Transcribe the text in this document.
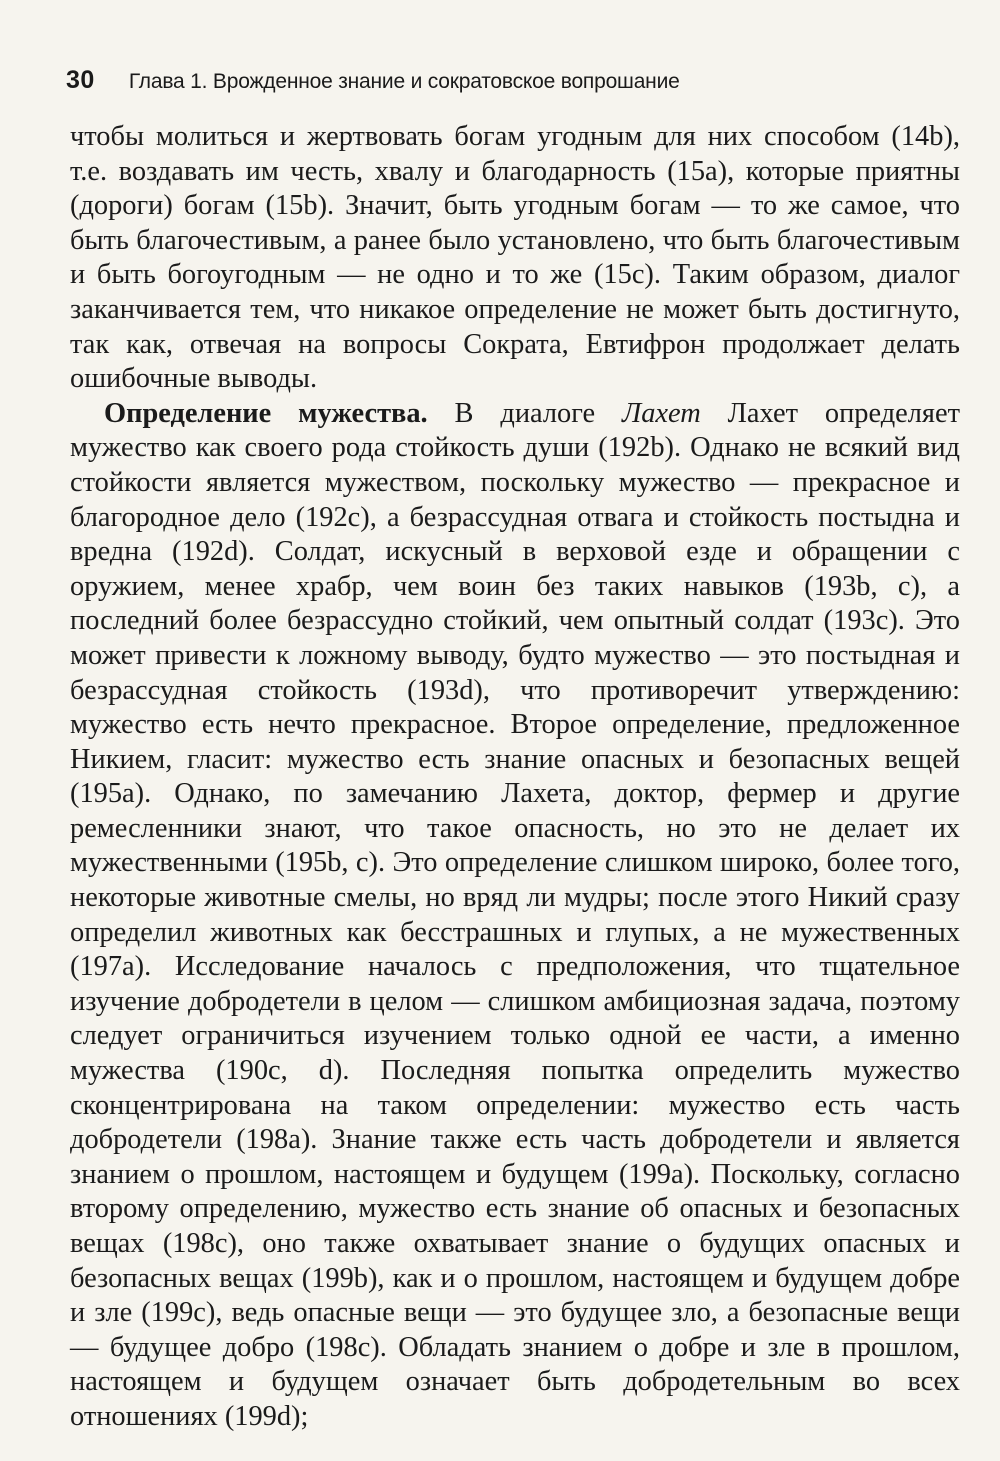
30 Глава 1. Врожденное знание и сократовское вопрошание

чтобы молиться и жертвовать богам угодным для них способом (14b), т.е. воздавать им честь, хвалу и благодарность (15a), которые приятны (дороги) богам (15b). Значит, быть угодным богам — то же самое, что быть благочестивым, а ранее было установлено, что быть благочестивым и быть богоугодным — не одно и то же (15c). Таким образом, диалог заканчивается тем, что никакое определение не может быть достигнуто, так как, отвечая на вопросы Сократа, Евтифрон продолжает делать ошибочные выводы.

Определение мужества. В диалоге Лахет Лахет определяет мужество как своего рода стойкость души (192b). Однако не всякий вид стойкости является мужеством, поскольку мужество — прекрасное и благородное дело (192c), а безрассудная отвага и стойкость постыдна и вредна (192d). Солдат, искусный в верховой езде и обращении с оружием, менее храбр, чем воин без таких навыков (193b, c), а последний более безрассудно стойкий, чем опытный солдат (193c). Это может привести к ложному выводу, будто мужество — это постыдная и безрассудная стойкость (193d), что противоречит утверждению: мужество есть нечто прекрасное. Второе определение, предложенное Никием, гласит: мужество есть знание опасных и безопасных вещей (195a). Однако, по замечанию Лахета, доктор, фермер и другие ремесленники знают, что такое опасность, но это не делает их мужественными (195b, c). Это определение слишком широко, более того, некоторые животные смелы, но вряд ли мудры; после этого Никий сразу определил животных как бесстрашных и глупых, а не мужественных (197a). Исследование началось с предположения, что тщательное изучение добродетели в целом — слишком амбициозная задача, поэтому следует ограничиться изучением только одной ее части, а именно мужества (190c, d). Последняя попытка определить мужество сконцентрирована на таком определении: мужество есть часть добродетели (198a). Знание также есть часть добродетели и является знанием о прошлом, настоящем и будущем (199a). Поскольку, согласно второму определению, мужество есть знание об опасных и безопасных вещах (198c), оно также охватывает знание о будущих опасных и безопасных вещах (199b), как и о прошлом, настоящем и будущем добре и зле (199c), ведь опасные вещи — это будущее зло, а безопасные вещи — будущее добро (198c). Обладать знанием о добре и зле в прошлом, настоящем и будущем означает быть добродетельным во всех отношениях (199d);
